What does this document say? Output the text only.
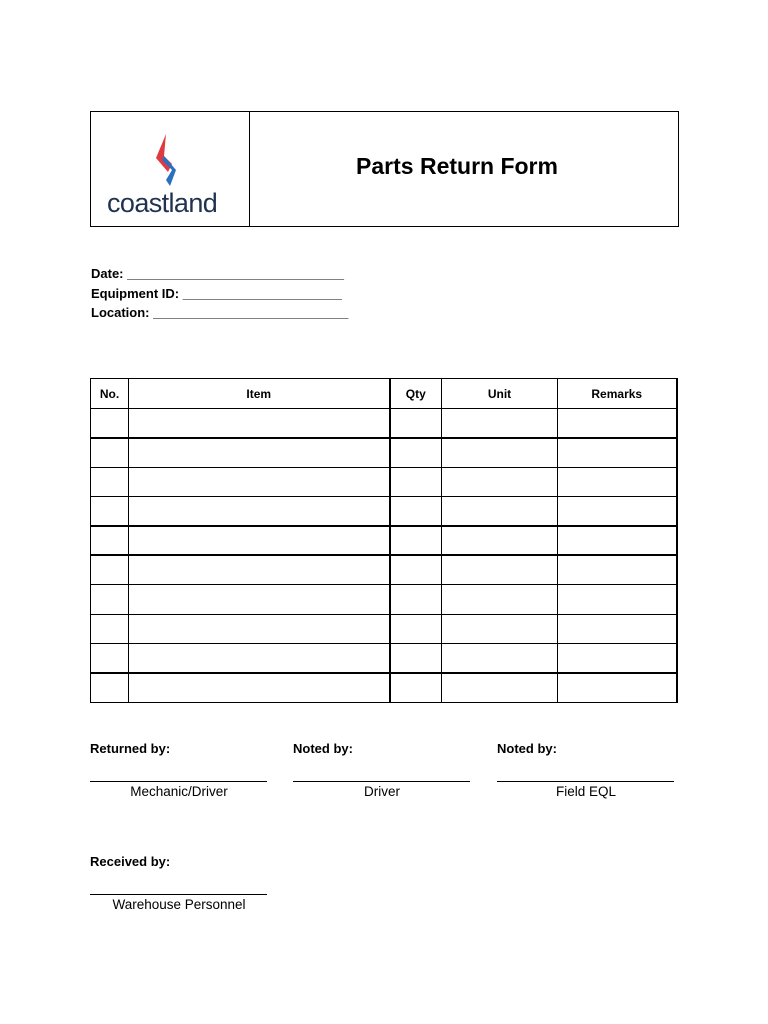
coastland
Parts Return Form
Date: ______________________________
Equipment ID: ______________________
Location: ___________________________
No.	Item	Qty	Unit	Remarks

Returned by:
Mechanic/Driver
Noted by:
Driver
Noted by:
Field EQL
Received by:
Warehouse Personnel
